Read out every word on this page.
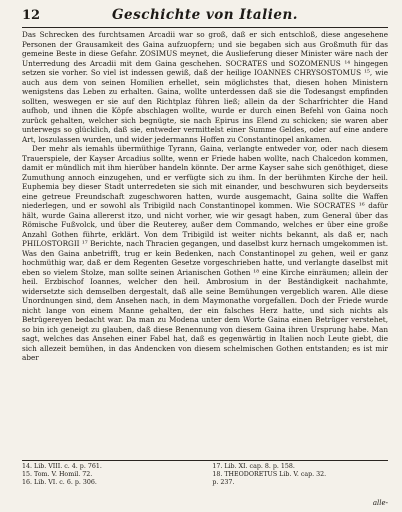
12	Geschichte von Italien.

Das Schrecken des furchtsamen Arcadii war so groß, daß er sich entschloß, diese angesehene Personen der Grausamkeit des Gaina aufzuopfern; und sie begaben sich aus Großmuth für das gemeine Beste in diese Gefahr. ZOSIMUS meynet, die Auslieferung dieser Minister wäre nach der Unterredung des Arcadii mit dem Gaina geschehen. SOCRATES und SOZOMENUS ¹⁴ hingegen setzen sie vorher. So viel ist indessen gewiß, daß der heilige IOANNES CHRYSOSTOMUS ¹⁵, wie auch aus dem von seinen Homilien erhellet, sein möglichstes that, diesen hohen Ministern wenigstens das Leben zu erhalten. Gaina, wollte unterdessen daß sie die Todesangst empfinden sollten, weswegen er sie auf den Richtplaz führen ließ; allein da der Scharfrichter die Hand aufhob, und ihnen die Köpfe abschlagen wollte, wurde er durch einen Befehl von Gaina noch zurück gehalten, welcher sich begnügte, sie nach Epirus ins Elend zu schicken; sie waren aber unterwegs so glücklich, daß sie, entweder vermittelst einer Summe Geldes, oder auf eine andere Art, loszulassen wurden, und wider jedermanns Hoffen zu Constantinopel ankamen.

Der mehr als iemahls übermüthige Tyrann, Gaina, verlangte entweder vor, oder nach diesem Trauerspiele, der Kayser Arcadius sollte, wenn er Friede haben wollte, nach Chalcedon kommen, damit er mündlich mit ihm hierüber handeln könnte. Der arme Kayser sahe sich genöthiget, diese Zumuthung annoch einzugehen, und er verfügte sich zu ihm. In der berühmten Kirche der heil. Euphemia bey dieser Stadt unterredeten sie sich mit einander, und beschwuren sich beyderseits eine getreue Freundschaft zugeschworen hatten, wurde ausgemacht, Gaina sollte die Waffen niederlegen, und er sowohl als Tribigild nach Constantinopel kommen. Wie SOCRATES ¹⁶ dafür hält, wurde Gaina allererst itzo, und nicht vorher, wie wir gesagt haben, zum General über das Römische Fußvolck, und über die Reuterey, außer dem Commando, welches er über eine große Anzahl Gothen führte, erklärt. Von dem Tribigild ist weiter nichts bekannt, als daß er, nach PHILOSTORGII ¹⁷ Berichte, nach Thracien gegangen, und daselbst kurz hernach umgekommen ist. Was den Gaina anbetrifft, trug er kein Bedenken, nach Constantinopel zu gehen, weil er ganz hochmüthig war, daß er dem Regenten Gesetze vorgeschrieben hatte, und verlangte daselbst mit eben so vielem Stolze, man sollte seinen Arianischen Gothen ¹⁸ eine Kirche einräumen; allein der heil. Erzbischof Ioannes, welcher den heil. Ambrosium in der Beständigkeit nachahmte, widersetzte sich demselben dergestalt, daß alle seine Bemühungen vergeblich waren. Alle diese Unordnungen sind, dem Ansehen nach, in dem Maymonathe vorgefallen. Doch der Friede wurde nicht lange von einem Manne gehalten, der ein falsches Herz hatte, und sich nichts als Betrügereyen bedacht war. Da man zu Modena unter dem Worte Gaina einen Betrüger verstehet, so bin ich geneigt zu glauben, daß diese Benennung von diesem Gaina ihren Ursprung habe. Man sagt, welches das Ansehen einer Fabel hat, daß es gegenwärtig in Italien noch Leute giebt, die sich allezeit bemühen, in das Andencken von diesem schelmischen Gothen entstanden; es ist mir aber

14. Lib. VIII. c. 4. p. 761.
15. Tom. V. Homil. 72.
16. Lib. VI. c. 6. p. 306.
17. Lib. XI. cap. 8. p. 158.
18. THEODORETUS Lib. V. cap. 32.
p. 237.
alle-
